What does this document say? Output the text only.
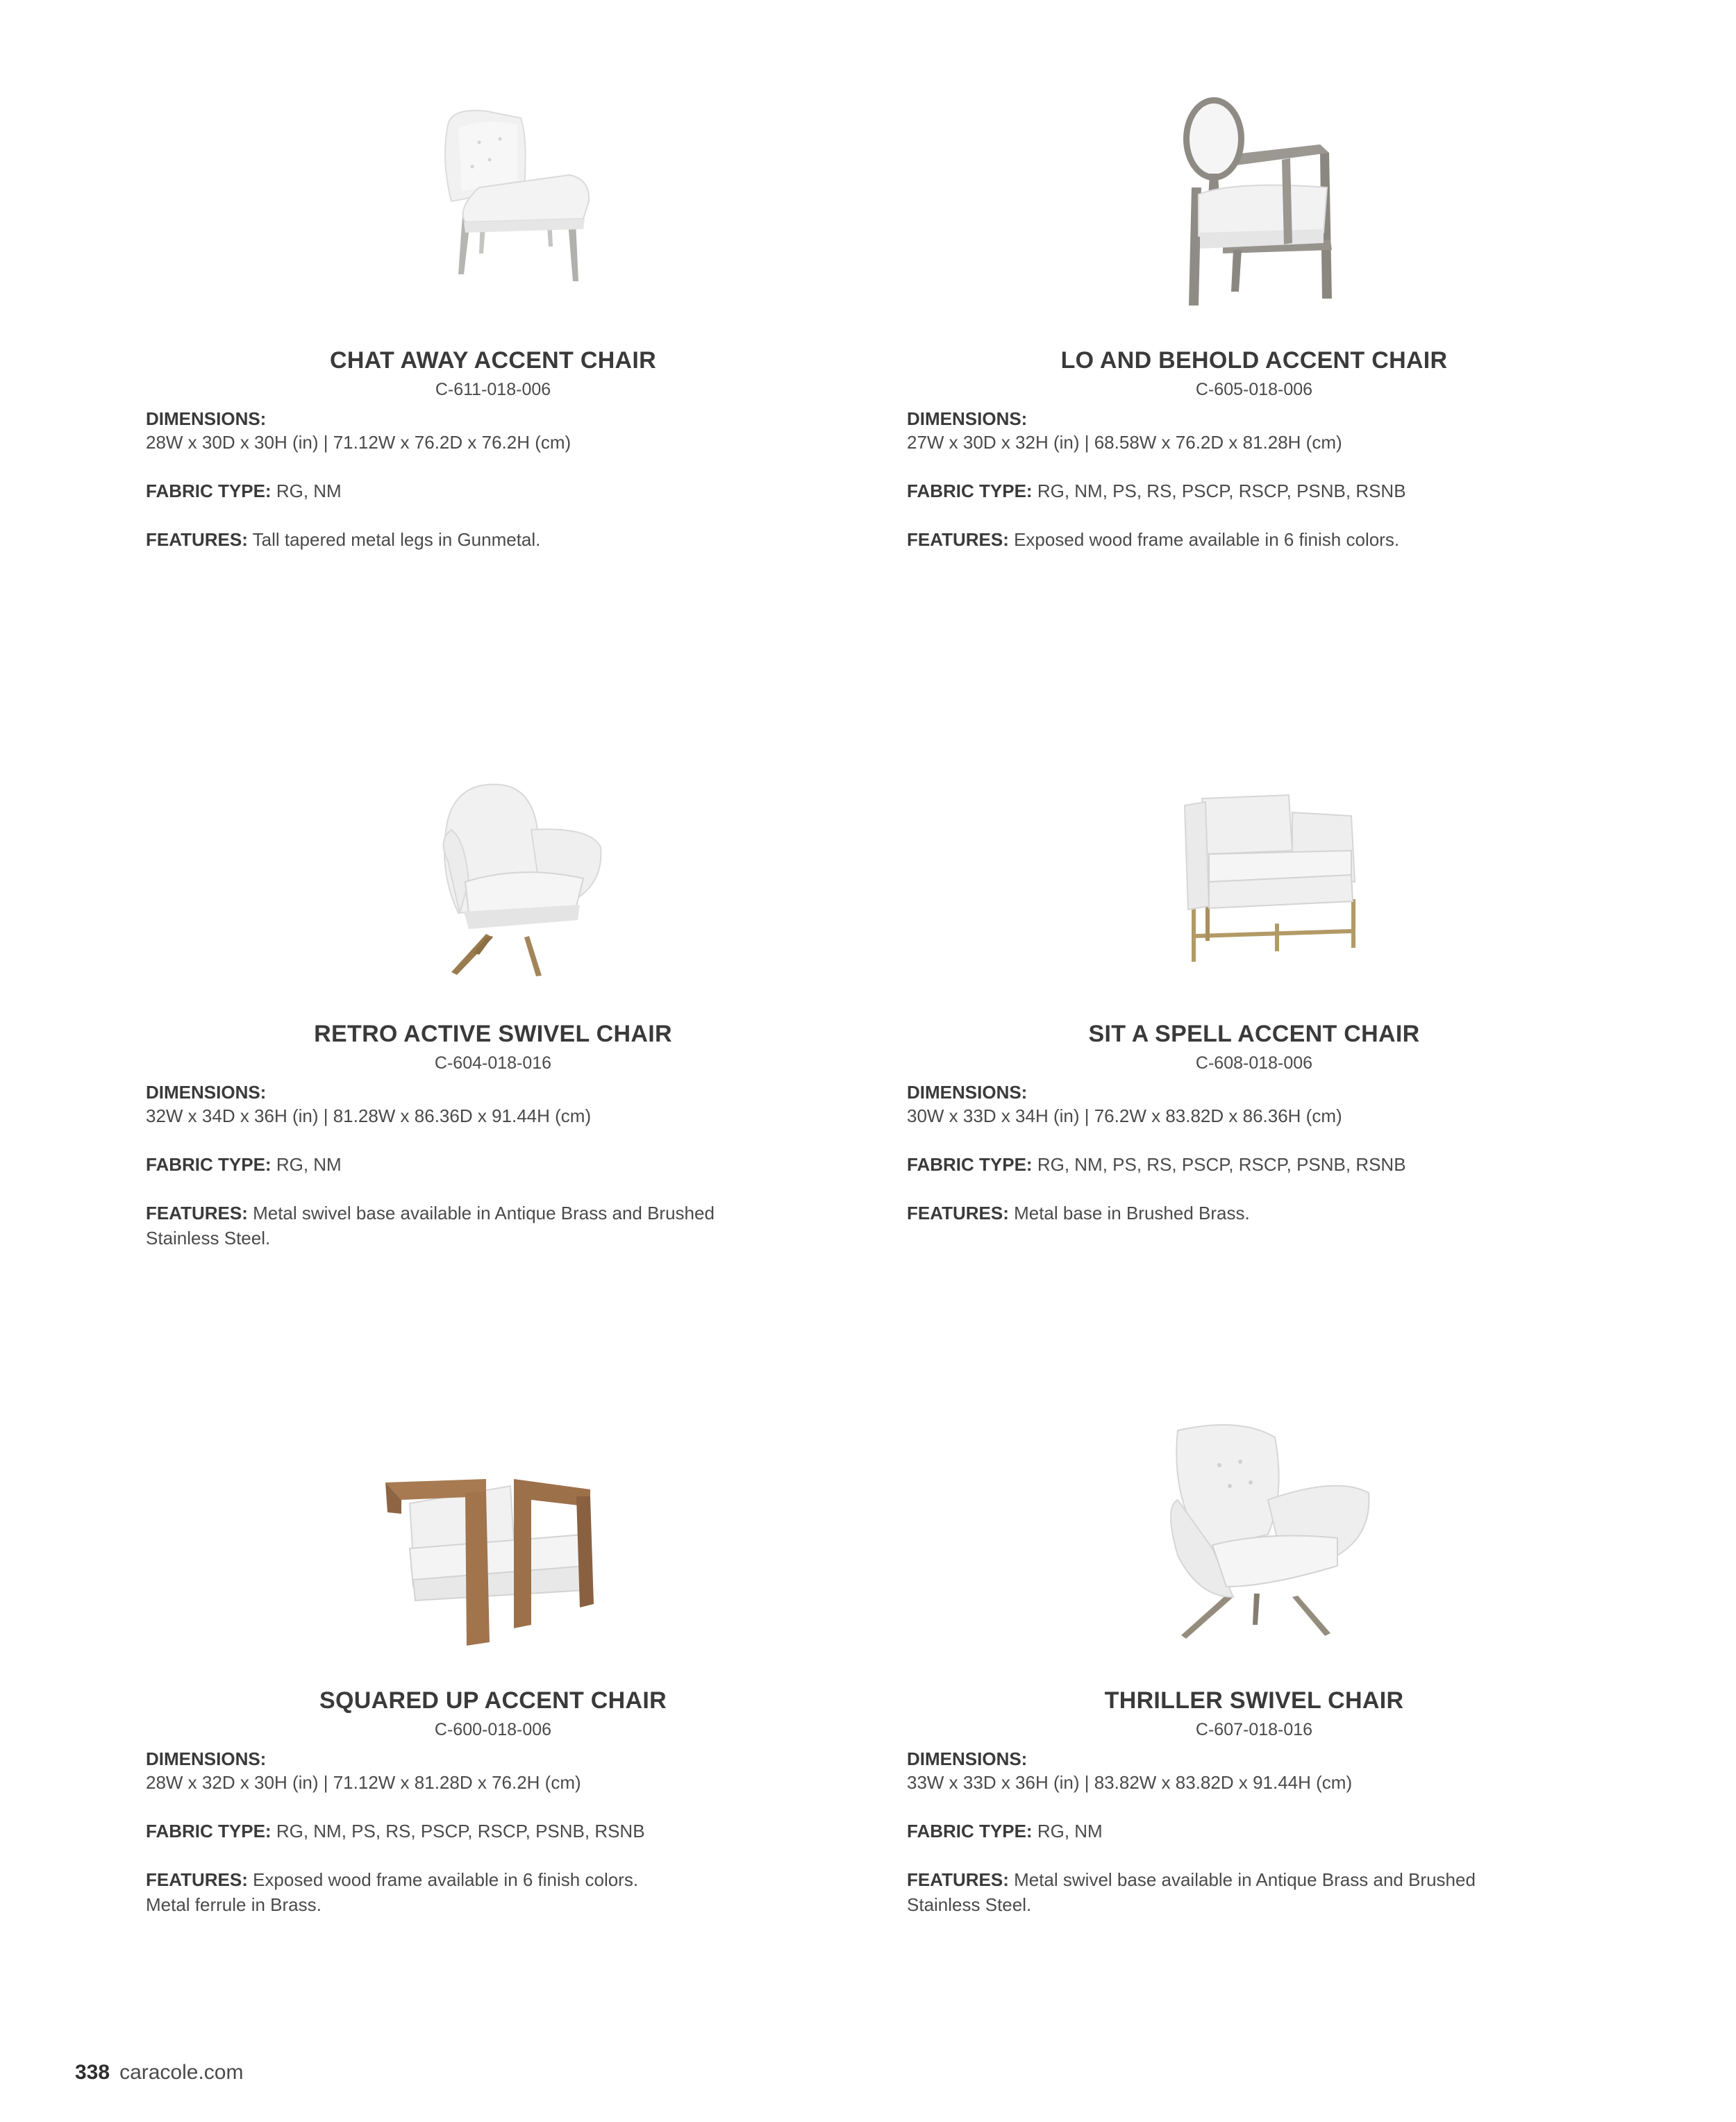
CHAT AWAY ACCENT CHAIR
C-611-018-006
DIMENSIONS:
28W x 30D x 30H (in) | 71.12W x 76.2D x 76.2H (cm)
FABRIC TYPE: RG, NM
FEATURES: Tall tapered metal legs in Gunmetal.
LO AND BEHOLD ACCENT CHAIR
C-605-018-006
DIMENSIONS:
27W x 30D x 32H (in) | 68.58W x 76.2D x 81.28H (cm)
FABRIC TYPE: RG, NM, PS, RS, PSCP, RSCP, PSNB, RSNB
FEATURES: Exposed wood frame available in 6 finish colors.
RETRO ACTIVE SWIVEL CHAIR
C-604-018-016
DIMENSIONS:
32W x 34D x 36H (in) | 81.28W x 86.36D x 91.44H (cm)
FABRIC TYPE: RG, NM
FEATURES: Metal swivel base available in Antique Brass and Brushed Stainless Steel.
SIT A SPELL ACCENT CHAIR
C-608-018-006
DIMENSIONS:
30W x 33D x 34H (in) | 76.2W x 83.82D x 86.36H (cm)
FABRIC TYPE: RG, NM, PS, RS, PSCP, RSCP, PSNB, RSNB
FEATURES: Metal base in Brushed Brass.
SQUARED UP ACCENT CHAIR
C-600-018-006
DIMENSIONS:
28W x 32D x 30H (in) | 71.12W x 81.28D x 76.2H (cm)
FABRIC TYPE: RG, NM, PS, RS, PSCP, RSCP, PSNB, RSNB
FEATURES: Exposed wood frame available in 6 finish colors.
Metal ferrule in Brass.
THRILLER SWIVEL CHAIR
C-607-018-016
DIMENSIONS:
33W x 33D x 36H (in) | 83.82W x 83.82D x 91.44H (cm)
FABRIC TYPE: RG, NM
FEATURES: Metal swivel base available in Antique Brass and Brushed Stainless Steel.
338 caracole.com
